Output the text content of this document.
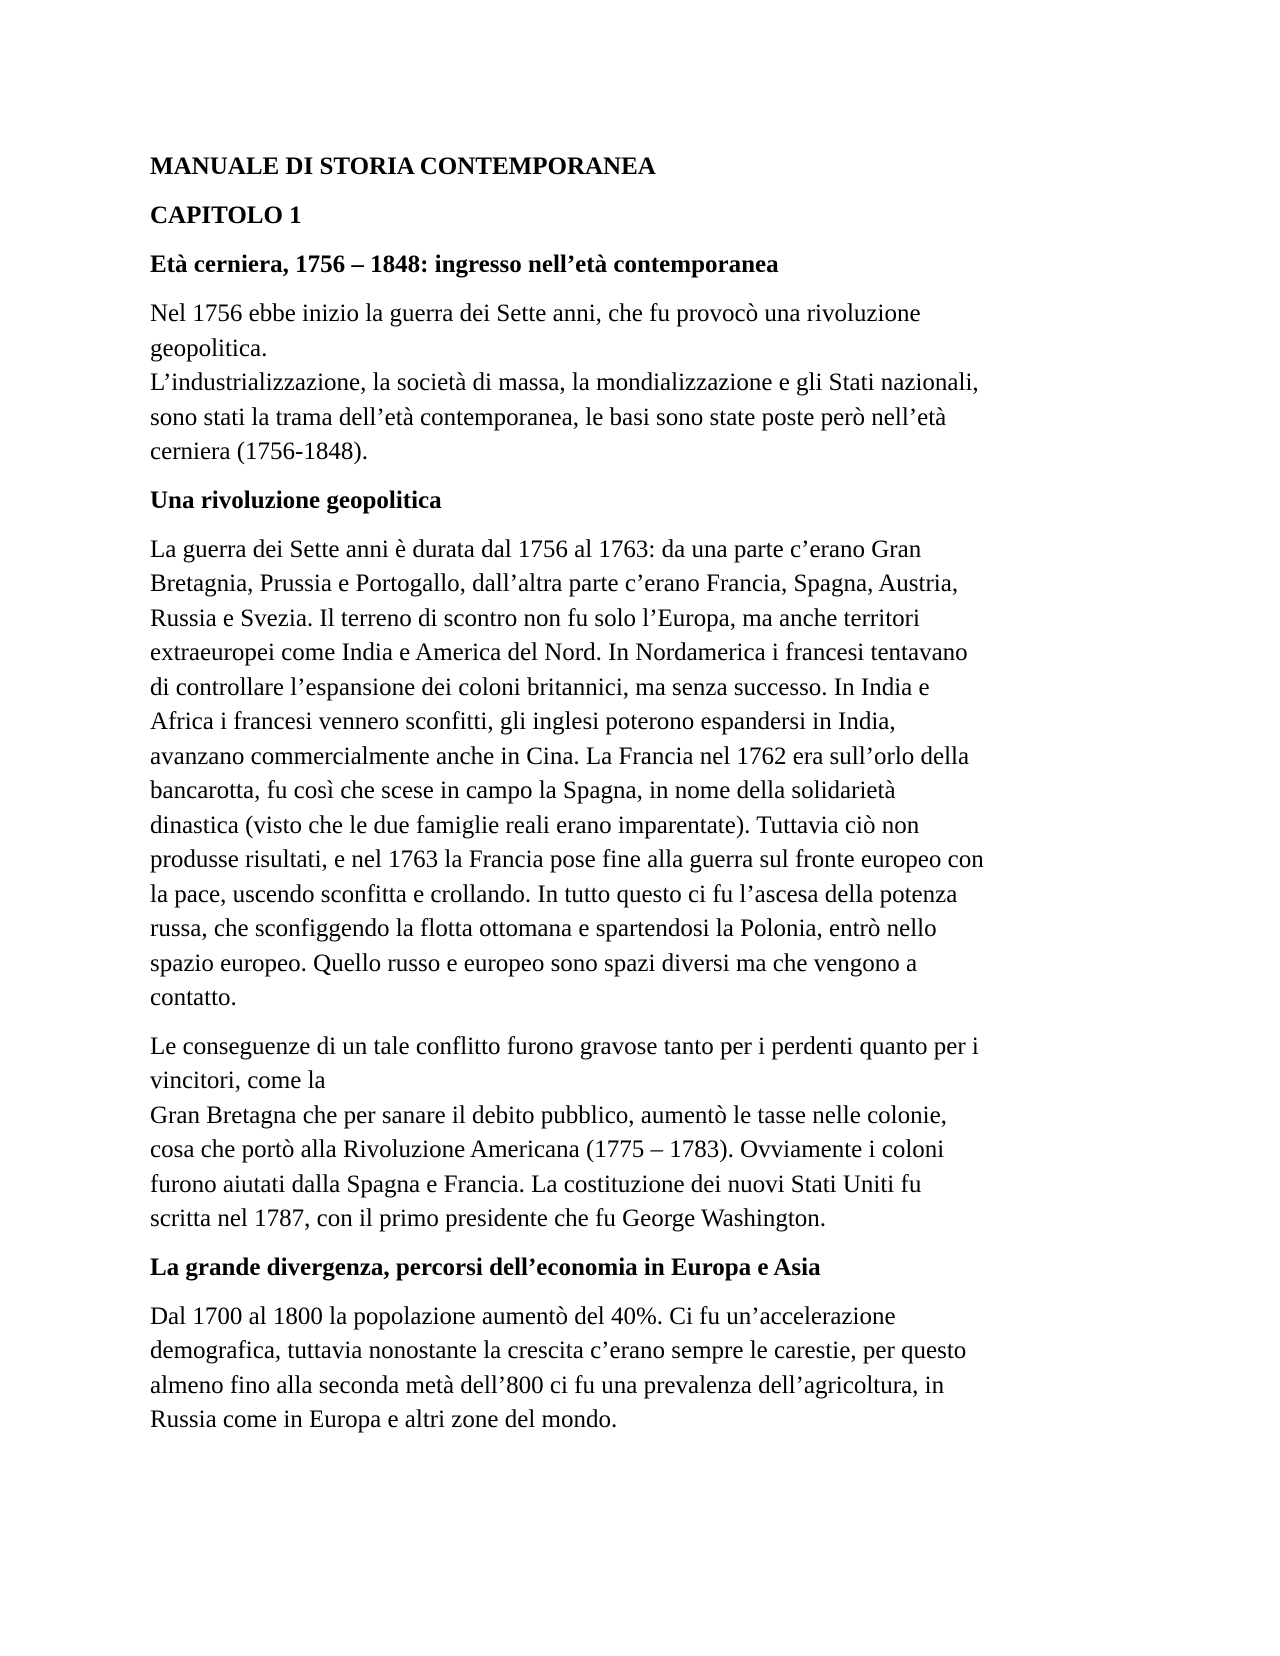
MANUALE DI STORIA CONTEMPORANEA
CAPITOLO 1
Età cerniera, 1756 – 1848: ingresso nell’età contemporanea
Nel 1756 ebbe inizio la guerra dei Sette anni, che fu provocò una rivoluzione
geopolitica.
L’industrializzazione, la società di massa, la mondializzazione e gli Stati nazionali,
sono stati la trama dell’età contemporanea, le basi sono state poste però nell’età
cerniera (1756-1848).
Una rivoluzione geopolitica
La guerra dei Sette anni è durata dal 1756 al 1763: da una parte c’erano Gran
Bretagnia, Prussia e Portogallo, dall’altra parte c’erano Francia, Spagna, Austria,
Russia e Svezia. Il terreno di scontro non fu solo l’Europa, ma anche territori
extraeuropei come India e America del Nord. In Nordamerica i francesi tentavano
di controllare l’espansione dei coloni britannici, ma senza successo. In India e
Africa i francesi vennero sconfitti, gli inglesi poterono espandersi in India,
avanzano commercialmente anche in Cina. La Francia nel 1762 era sull’orlo della
bancarotta, fu così che scese in campo la Spagna, in nome della solidarietà
dinastica (visto che le due famiglie reali erano imparentate). Tuttavia ciò non
produsse risultati, e nel 1763 la Francia pose fine alla guerra sul fronte europeo con
la pace, uscendo sconfitta e crollando. In tutto questo ci fu l’ascesa della potenza
russa, che sconfiggendo la flotta ottomana e spartendosi la Polonia, entrò nello
spazio europeo. Quello russo e europeo sono spazi diversi ma che vengono a
contatto.
Le conseguenze di un tale conflitto furono gravose tanto per i perdenti quanto per i
vincitori, come la
Gran Bretagna che per sanare il debito pubblico, aumentò le tasse nelle colonie,
cosa che portò alla Rivoluzione Americana (1775 – 1783). Ovviamente i coloni
furono aiutati dalla Spagna e Francia. La costituzione dei nuovi Stati Uniti fu
scritta nel 1787, con il primo presidente che fu George Washington.
La grande divergenza, percorsi dell’economia in Europa e Asia
Dal 1700 al 1800 la popolazione aumentò del 40%. Ci fu un’accelerazione
demografica, tuttavia nonostante la crescita c’erano sempre le carestie, per questo
almeno fino alla seconda metà dell’800 ci fu una prevalenza dell’agricoltura, in
Russia come in Europa e altri zone del mondo.
